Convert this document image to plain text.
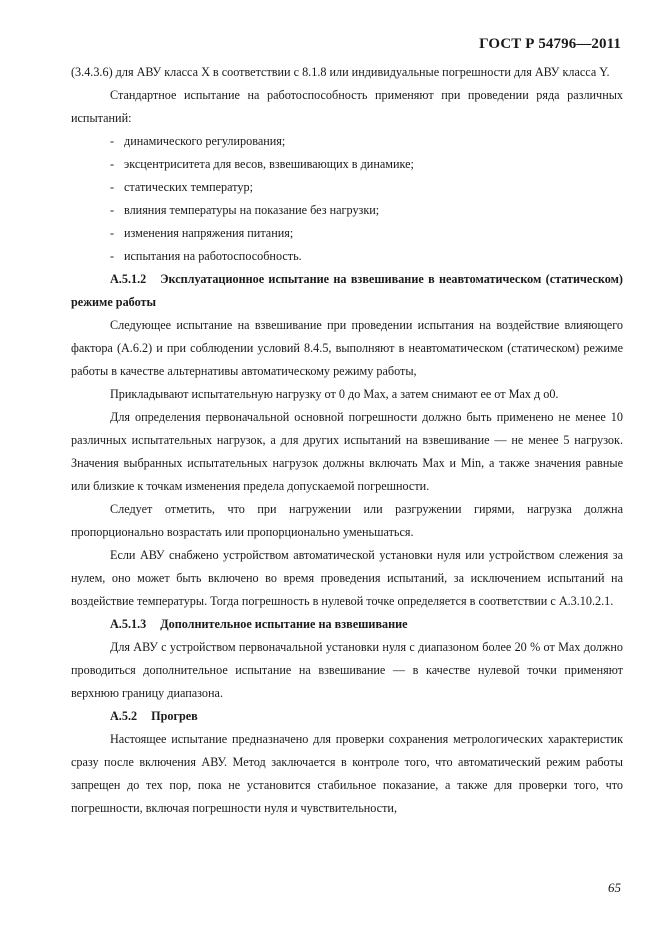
ГОСТ Р 54796—2011

(3.4.3.6) для АВУ класса X в соответствии с 8.1.8 или индивидуальные погрешности для АВУ класса Y.

Стандартное испытание на работоспособность применяют при проведении ряда различных испытаний:

- динамического регулирования;

- эксцентриситета для весов, взвешивающих в динамике;

- статических температур;

- влияния температуры на показание без нагрузки;

- изменения напряжения питания;

- испытания на работоспособность.

А.5.1.2 Эксплуатационное испытание на взвешивание в неавтоматическом (статическом) режиме работы

Следующее испытание на взвешивание при проведении испытания на воздействие влияющего фактора (А.6.2) и при соблюдении условий 8.4.5, выполняют в неавтоматическом (статическом) режиме работы в качестве альтернативы автоматическому режиму работы,

Прикладывают испытательную нагрузку от 0 до Max, а затем снимают ее от Max д о0.

Для определения первоначальной основной погрешности должно быть применено не менее 10 различных испытательных нагрузок, а для других испытаний на взвешивание — не менее 5 нагрузок. Значения выбранных испытательных нагрузок должны включать Max и Min, а также значения равные или близкие к точкам изменения предела допускаемой погрешности.

Следует отметить, что при нагружении или разгружении гирями, нагрузка должна пропорционально возрастать или пропорционально уменьшаться.

Если АВУ снабжено устройством автоматической установки нуля или устройством слежения за нулем, оно может быть включено во время проведения испытаний, за исключением испытаний на воздействие температуры. Тогда погрешность в нулевой точке определяется в соответствии с А.3.10.2.1.

А.5.1.3 Дополнительное испытание на взвешивание

Для АВУ с устройством первоначальной установки нуля с диапазоном более 20 % от Max должно проводиться дополнительное испытание на взвешивание — в качестве нулевой точки применяют верхнюю границу диапазона.

А.5.2 Прогрев

Настоящее испытание предназначено для проверки сохранения метрологических характеристик сразу после включения АВУ. Метод заключается в контроле того, что автоматический режим работы запрещен до тех пор, пока не установится стабильное показание, а также для проверки того, что погрешности, включая погрешности нуля и чувствительности,

65
